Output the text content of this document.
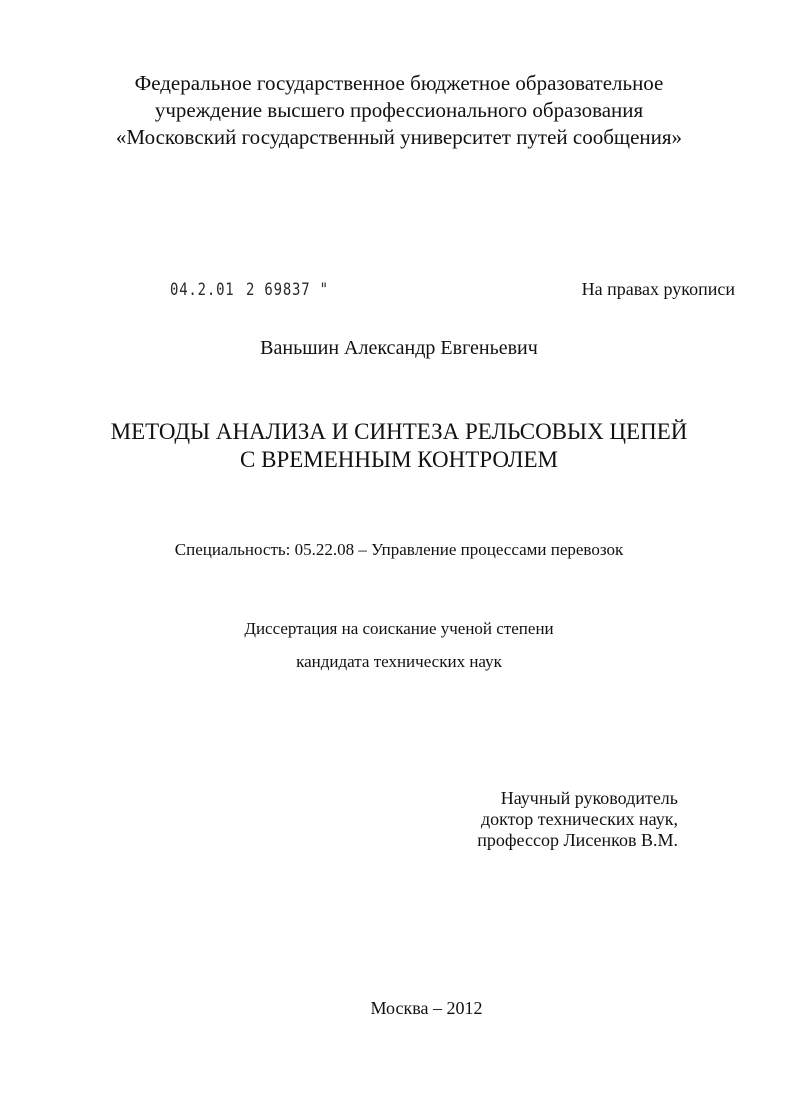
Федеральное государственное бюджетное образовательное
учреждение высшего профессионального образования
«Московский государственный университет путей сообщения»
04.2.01 2 69837 "	На правах рукописи
Ваньшин Александр Евгеньевич
МЕТОДЫ АНАЛИЗА И СИНТЕЗА РЕЛЬСОВЫХ ЦЕПЕЙ
С ВРЕМЕННЫМ КОНТРОЛЕМ
Специальность: 05.22.08 – Управление процессами перевозок
Диссертация на соискание ученой степени
кандидата технических наук
Научный руководитель
доктор технических наук,
профессор Лисенков В.М.
Москва – 2012
